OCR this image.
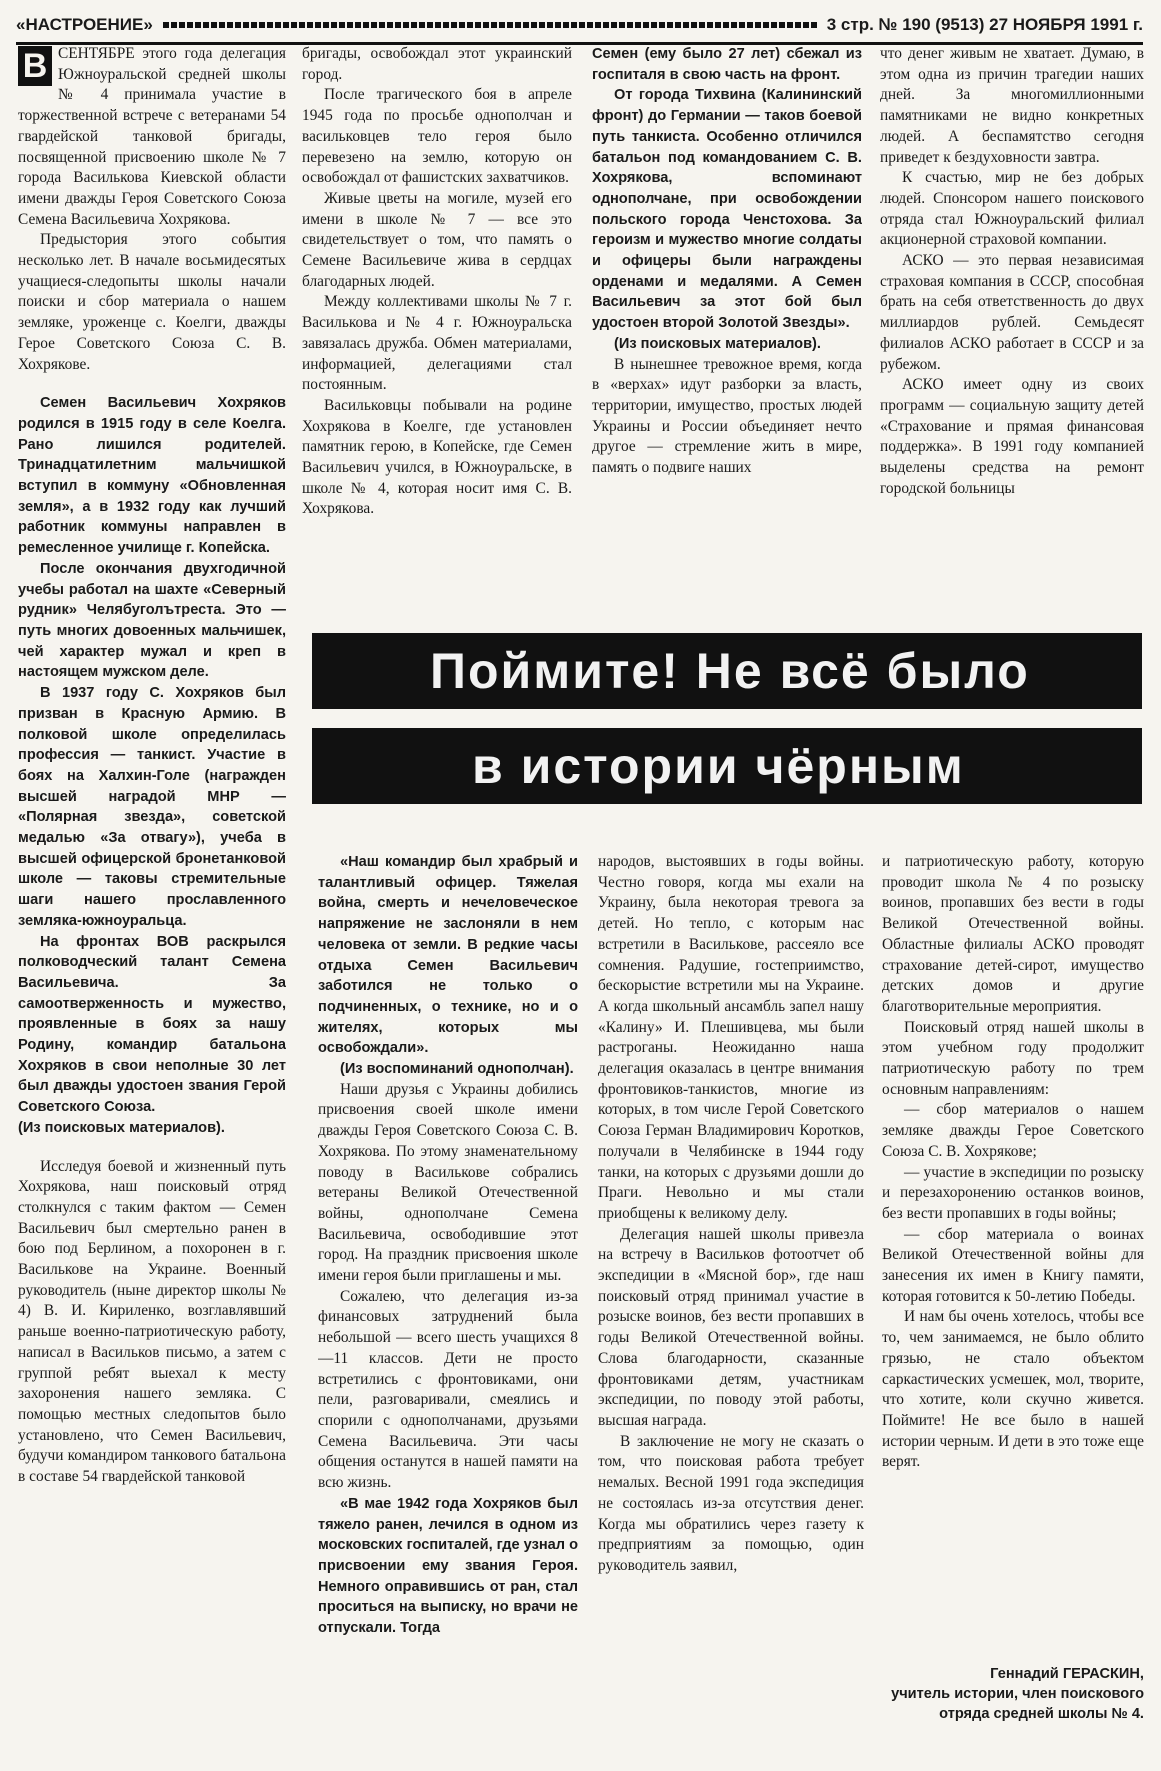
«НАСТРОЕНИЕ»	3 стр. № 190 (9513) 27 НОЯБРЯ 1991 г.

В СЕНТЯБРЕ этого года делегация Южноуральской средней школы № 4 принимала участие в торжественной встрече с ветеранами 54 гвардейской танковой бригады, посвященной присвоению школе № 7 города Василькова Киевской области имени дважды Героя Советского Союза Семена Васильевича Хохрякова.

Предыстория этого события несколько лет. В начале восьмидесятых учащиеся-следопыты школы начали поиски и сбор материала о нашем земляке, уроженце с. Коелги, дважды Герое Советского Союза С. В. Хохрякове.

Семен Васильевич Хохряков родился в 1915 году в селе Коелга. Рано лишился родителей. Тринадцатилетним мальчишкой вступил в коммуну «Обновленная земля», а в 1932 году как лучший работник коммуны направлен в ремесленное училище г. Копейска.

После окончания двухгодичной учебы работал на шахте «Северный рудник» Челябуголътреста. Это — путь многих довоенных мальчишек, чей характер мужал и креп в настоящем мужском деле.

В 1937 году С. Хохряков был призван в Красную Армию. В полковой школе определилась профессия — танкист. Участие в боях на Халхин-Голе (награжден высшей наградой МНР — «Полярная звезда», советской медалью «За отвагу»), учеба в высшей офицерской бронетанковой школе — таковы стремительные шаги нашего прославленного земляка-южноуральца.

На фронтах ВОВ раскрылся полководческий талант Семена Васильевича. За самоотверженность и мужество, проявленные в боях за нашу Родину, командир батальона Хохряков в свои неполные 30 лет был дважды удостоен звания Герой Советского Союза.

(Из поисковых материалов).

Исследуя боевой и жизненный путь Хохрякова, наш поисковый отряд столкнулся с таким фактом — Семен Васильевич был смертельно ранен в бою под Берлином, а похоронен в г. Василькове на Украине. Военный руководитель (ныне директор школы № 4) В. И. Кириленко, возглавлявший раньше военно-патриотическую работу, написал в Васильков письмо, а затем с группой ребят выехал к месту захоронения нашего земляка. С помощью местных следопытов было установлено, что Семен Васильевич, будучи командиром танкового батальона в составе 54 гвардейской танковой

бригады, освобождал этот украинский город.

После трагического боя в апреле 1945 года по просьбе однополчан и васильковцев тело героя было перевезено на землю, которую он освобождал от фашистских захватчиков.

Живые цветы на могиле, музей его имени в школе № 7 — все это свидетельствует о том, что память о Семене Васильевиче жива в сердцах благодарных людей.

Между коллективами школы № 7 г. Василькова и № 4 г. Южноуральска завязалась дружба. Обмен материалами, информацией, делегациями стал постоянным.

Васильковцы побывали на родине Хохрякова в Коелге, где установлен памятник герою, в Копейске, где Семен Васильевич учился, в Южноуральске, в школе № 4, которая носит имя С. В. Хохрякова.

Семен (ему было 27 лет) сбежал из госпиталя в свою часть на фронт.

От города Тихвина (Калининский фронт) до Германии — таков боевой путь танкиста. Особенно отличился батальон под командованием С. В. Хохрякова, вспоминают однополчане, при освобождении польского города Ченстохова. За героизм и мужество многие солдаты и офицеры были награждены орденами и медалями. А Семен Васильевич за этот бой был удостоен второй Золотой Звезды».

(Из поисковых материалов).

В нынешнее тревожное время, когда в «верхах» идут разборки за власть, территории, имущество, простых людей Украины и России объединяет нечто другое — стремление жить в мире, память о подвиге наших

что денег живым не хватает. Думаю, в этом одна из причин трагедии наших дней. За многомиллионными памятниками не видно конкретных людей. А беспамятство сегодня приведет к бездуховности завтра.

К счастью, мир не без добрых людей. Спонсором нашего поискового отряда стал Южноуральский филиал акционерной страховой компании.

АСКО — это первая независимая страховая компания в СССР, способная брать на себя ответственность до двух миллиардов рублей. Семьдесят филиалов АСКО работает в СССР и за рубежом.

АСКО имеет одну из своих программ — социальную защиту детей «Страхование и прямая финансовая поддержка». В 1991 году компанией выделены средства на ремонт городской больницы

Поймите! Не всё было
в истории чёрным

«Наш командир был храбрый и талантливый офицер. Тяжелая война, смерть и нечеловеческое напряжение не заслоняли в нем человека от земли. В редкие часы отдыха Семен Васильевич заботился не только о подчиненных, о технике, но и о жителях, которых мы освобождали».

(Из воспоминаний однополчан).

Наши друзья с Украины добились присвоения своей школе имени дважды Героя Советского Союза С. В. Хохрякова. По этому знаменательному поводу в Василькове собрались ветераны Великой Отечественной войны, однополчане Семена Васильевича, освободившие этот город. На праздник присвоения школе имени героя были приглашены и мы.

Сожалею, что делегация из-за финансовых затруднений была небольшой — всего шесть учащихся 8—11 классов. Дети не просто встретились с фронтовиками, они пели, разговаривали, смеялись и спорили с однополчанами, друзьями Семена Васильевича. Эти часы общения останутся в нашей памяти на всю жизнь.

«В мае 1942 года Хохряков был тяжело ранен, лечился в одном из московских госпиталей, где узнал о присвоении ему звания Героя. Немного оправившись от ран, стал проситься на выписку, но врачи не отпускали. Тогда

народов, выстоявших в годы войны. Честно говоря, когда мы ехали на Украину, была некоторая тревога за детей. Но тепло, с которым нас встретили в Василькове, рассеяло все сомнения. Радушие, гостеприимство, бескорыстие встретили мы на Украине. А когда школьный ансамбль запел нашу «Калину» И. Плешивцева, мы были растроганы. Неожиданно наша делегация оказалась в центре внимания фронтовиков-танкистов, многие из которых, в том числе Герой Советского Союза Герман Владимирович Коротков, получали в Челябинске в 1944 году танки, на которых с друзьями дошли до Праги. Невольно и мы стали приобщены к великому делу.

Делегация нашей школы привезла на встречу в Васильков фотоотчет об экспедиции в «Мясной бор», где наш поисковый отряд принимал участие в розыске воинов, без вести пропавших в годы Великой Отечественной войны. Слова благодарности, сказанные фронтовиками детям, участникам экспедиции, по поводу этой работы, высшая награда.

В заключение не могу не сказать о том, что поисковая работа требует немалых. Весной 1991 года экспедиция не состоялась из-за отсутствия денег. Когда мы обратились через газету к предприятиям за помощью, один руководитель заявил,

и патриотическую работу, которую проводит школа № 4 по розыску воинов, пропавших без вести в годы Великой Отечественной войны. Областные филиалы АСКО проводят страхование детей-сирот, имущество детских домов и другие благотворительные мероприятия.

Поисковый отряд нашей школы в этом учебном году продолжит патриотическую работу по трем основным направлениям:

— сбор материалов о нашем земляке дважды Герое Советского Союза С. В. Хохрякове;

— участие в экспедиции по розыску и перезахоронению останков воинов, без вести пропавших в годы войны;

— сбор материала о воинах Великой Отечественной войны для занесения их имен в Книгу памяти, которая готовится к 50-летию Победы.

И нам бы очень хотелось, чтобы все то, чем занимаемся, не было облито грязью, не стало объектом саркастических усмешек, мол, творите, что хотите, коли скучно живется. Поймите! Не все было в нашей истории черным. И дети в это тоже еще верят.

Геннадий ГЕРАСКИН,
учитель истории, член поискового отряда средней школы № 4.
